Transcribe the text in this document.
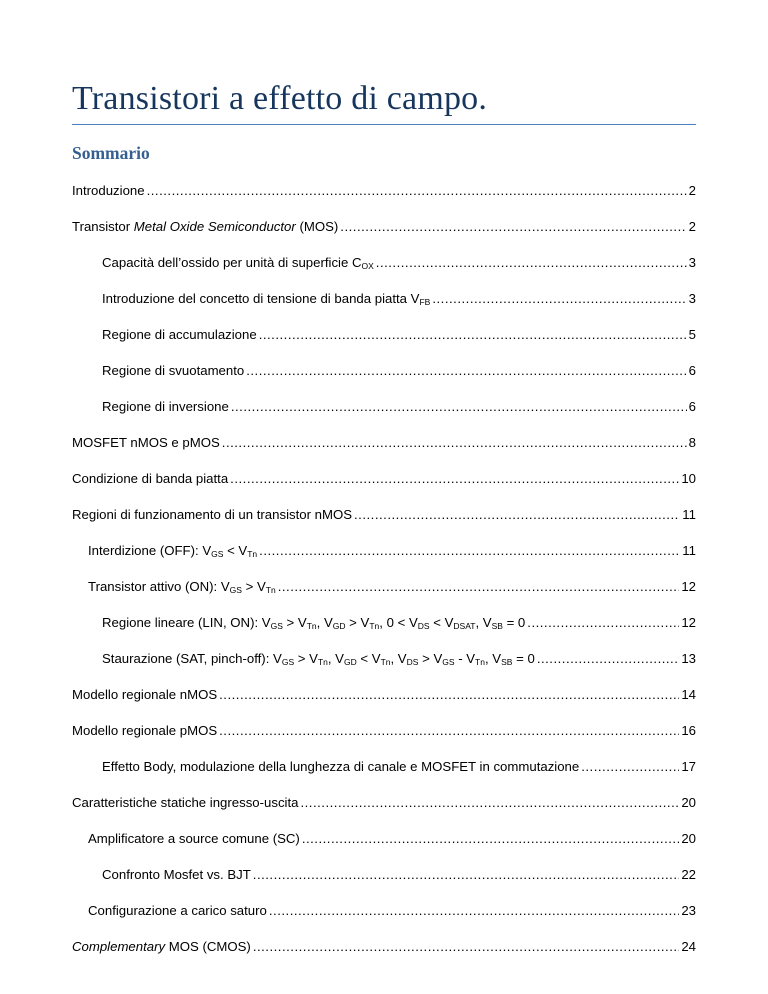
Transistori a effetto di campo.
Sommario
Introduzione .....	2
Transistor Metal Oxide Semiconductor (MOS) .....	2
Capacità dell’ossido per unità di superficie $C_{OX}$ .....	3
Introduzione del concetto di tensione di banda piatta $V_{FB}$ .....	3
Regione di accumulazione .....	5
Regione di svuotamento .....	6
Regione di inversione .....	6
MOSFET nMOS e pMOS .....	8
Condizione di banda piatta .....	10
Regioni di funzionamento di un transistor nMOS .....	11
Interdizione (OFF): $V_{GS} < V_{Tn}$ .....	11
Transistor attivo (ON): $V_{GS} > V_{Tn}$ .....	12
Regione lineare (LIN, ON): $V_{GS} > V_{Tn}$, $V_{GD} > V_{Tn}$, $0 < V_{DS} < V_{DSAT}$, $V_{SB} = 0$ .....	12
Staurazione (SAT, pinch-off): $V_{GS} > V_{Tn}$, $V_{GD} < V_{Tn}$, $V_{DS} > V_{GS} - V_{Tn}$, $V_{SB} = 0$ .....	13
Modello regionale nMOS .....	14
Modello regionale pMOS .....	16
Effetto Body, modulazione della lunghezza di canale e MOSFET in commutazione .....	17
Caratteristiche statiche ingresso-uscita .....	20
Amplificatore a source comune (SC) .....	20
Confronto Mosfet vs. BJT .....	22
Configurazione a carico saturo .....	23
Complementary MOS (CMOS) .....	24
